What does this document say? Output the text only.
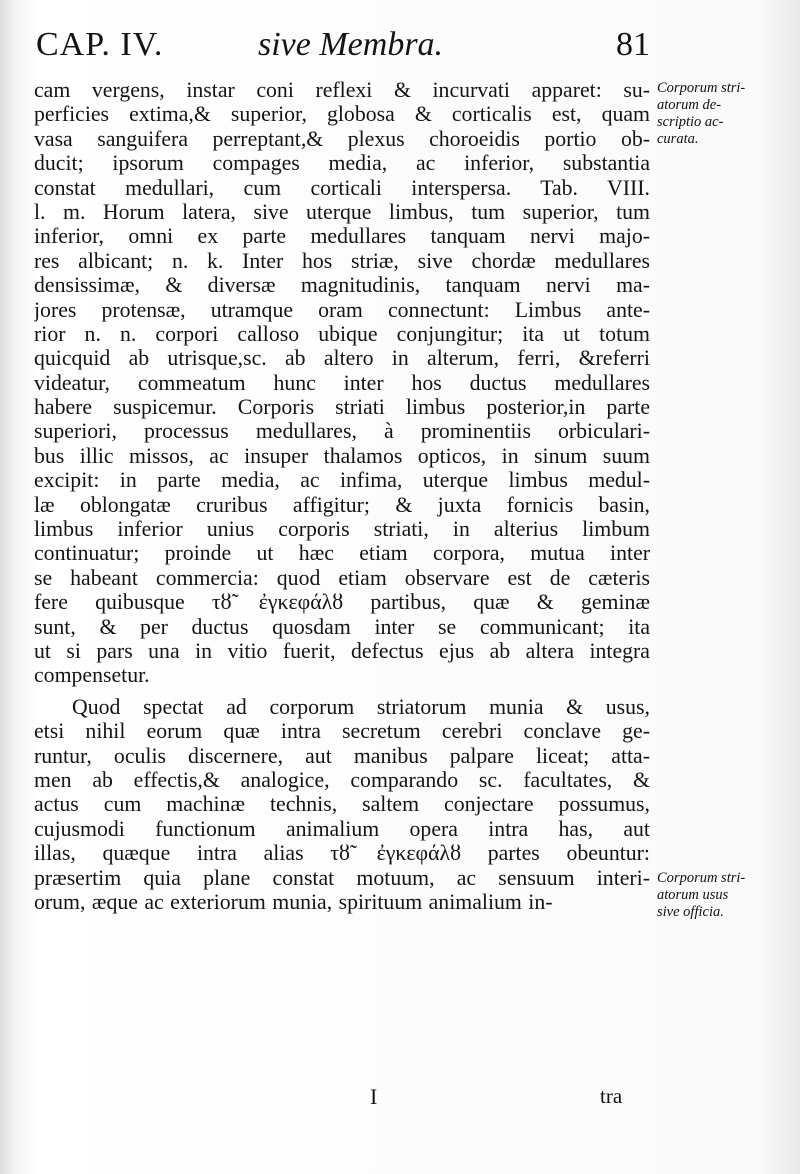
CAP. IV.	sive Membra.	81
cam vergens, instar coni reflexi & incurvati apparet: su-
perficies extima,& superior, globosa & corticalis est, quam
vasa sanguifera perreptant,& plexus choroeidis portio ob-
ducit; ipsorum compages media, ac inferior, substantia
constat medullari, cum corticali interspersa. Tab. VIII.
l. m. Horum latera, sive uterque limbus, tum superior, tum
inferior, omni ex parte medullares tanquam nervi majo-
res albicant; n. k. Inter hos striæ, sive chordæ medullares
densissimæ, & diversæ magnitudinis, tanquam nervi ma-
jores protensæ, utramque oram connectunt: Limbus ante-
rior n. n. corpori calloso ubique conjungitur; ita ut totum
quicquid ab utrisque,sc. ab altero in alterum, ferri, &referri
videatur, commeatum hunc inter hos ductus medullares
habere suspicemur. Corporis striati limbus posterior,in parte
superiori, processus medullares, à prominentiis orbiculari-
bus illic missos, ac insuper thalamos opticos, in sinum suum
excipit: in parte media, ac infima, uterque limbus medul-
læ oblongatæ cruribus affigitur; & juxta fornicis basin,
limbus inferior unius corporis striati, in alterius limbum
continuatur; proinde ut hæc etiam corpora, mutua inter
se habeant commercia: quod etiam observare est de cæteris
fere quibusque τȣ̃ ἐγκεφάλȣ partibus, quæ & geminæ
sunt, & per ductus quosdam inter se communicant; ita
ut si pars una in vitio fuerit, defectus ejus ab altera integra
compensetur.
Quod spectat ad corporum striatorum munia & usus,
etsi nihil eorum quæ intra secretum cerebri conclave ge-
runtur, oculis discernere, aut manibus palpare liceat; atta-
men ab effectis,& analogice, comparando sc. facultates, &
actus cum machinæ technis, saltem conjectare possumus,
cujusmodi functionum animalium opera intra has, aut
illas, quæque intra alias τȣ̃ ἐγκεφάλȣ partes obeuntur:
præsertim quia plane constat motuum, ac sensuum interi-
orum, æque ac exteriorum munia, spirituum animalium in-
Corporum stri-
atorum de-
scriptio ac-
curata.
Corporum stri-
atorum usus
sive officia.
I	tra
